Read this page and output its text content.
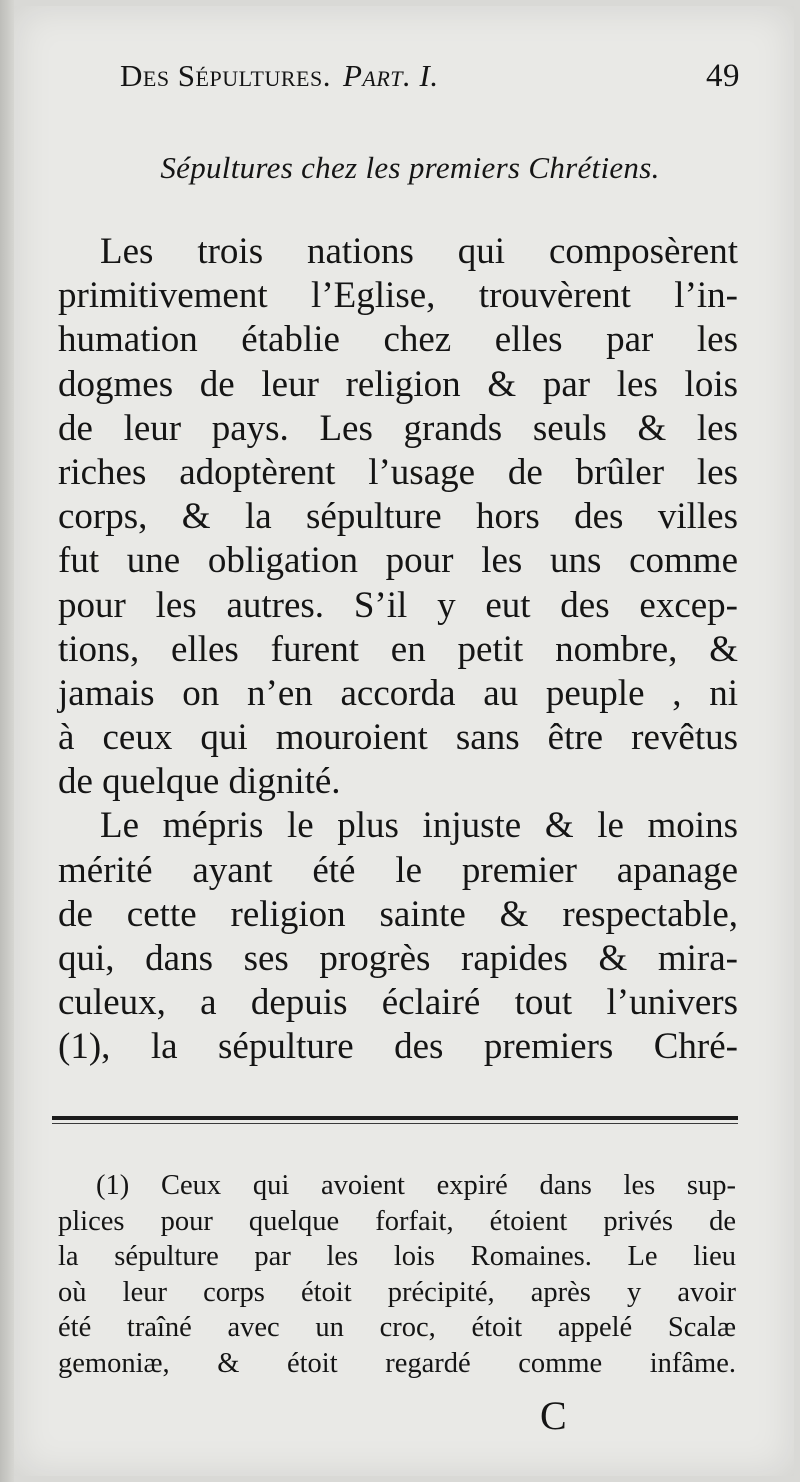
Des Sépultures. Part. I.	49
Sépultures chez les premiers Chrétiens.
Les trois nations qui composèrent
primitivement l’Eglise, trouvèrent l’in-
humation établie chez elles par les
dogmes de leur religion & par les lois
de leur pays. Les grands seuls & les
riches adoptèrent l’usage de brûler les
corps, & la sépulture hors des villes
fut une obligation pour les uns comme
pour les autres. S’il y eut des excep-
tions, elles furent en petit nombre, &
jamais on n’en accorda au peuple , ni
à ceux qui mouroient sans être revêtus
de quelque dignité.
Le mépris le plus injuste & le moins
mérité ayant été le premier apanage
de cette religion sainte & respectable,
qui, dans ses progrès rapides & mira-
culeux, a depuis éclairé tout l’univers
(1), la sépulture des premiers Chré-
(1) Ceux qui avoient expiré dans les sup-
plices pour quelque forfait, étoient privés de
la sépulture par les lois Romaines. Le lieu
où leur corps étoit précipité, après y avoir
été traîné avec un croc, étoit appelé Scalæ
gemoniæ, & étoit regardé comme infâme.
C
